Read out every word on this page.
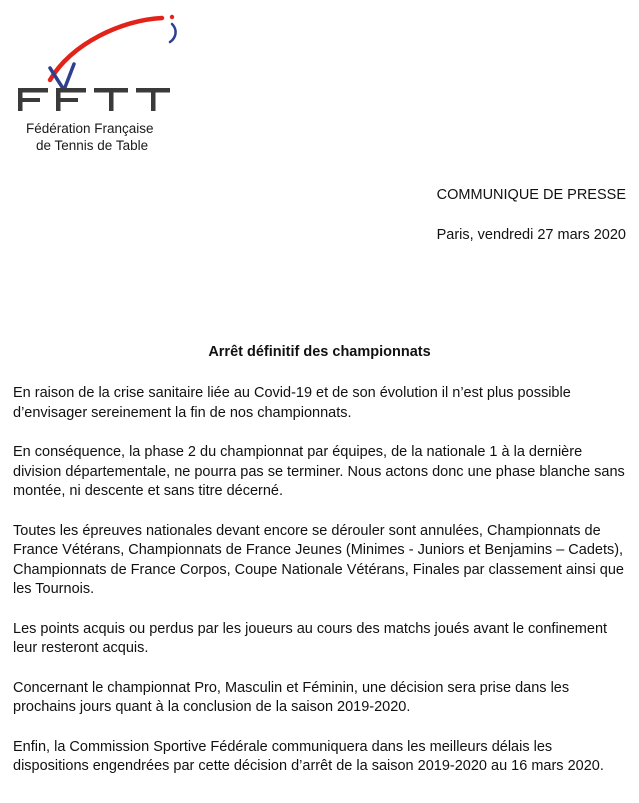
Fédération Française
de Tennis de Table
COMMUNIQUE DE PRESSE
Paris, vendredi 27 mars 2020
Arrêt définitif des championnats

En raison de la crise sanitaire liée au Covid-19 et de son évolution il n’est plus possible d’envisager sereinement la fin de nos championnats.

En conséquence, la phase 2 du championnat par équipes, de la nationale 1 à la dernière division départementale, ne pourra pas se terminer. Nous actons donc une phase blanche sans montée, ni descente et sans titre décerné.

Toutes les épreuves nationales devant encore se dérouler sont annulées, Championnats de France Vétérans, Championnats de France Jeunes (Minimes - Juniors et Benjamins – Cadets), Championnats de France Corpos, Coupe Nationale Vétérans, Finales par classement ainsi que les Tournois.

Les points acquis ou perdus par les joueurs au cours des matchs joués avant le confinement leur resteront acquis.

Concernant le championnat Pro, Masculin et Féminin, une décision sera prise dans les prochains jours quant à la conclusion de la saison 2019-2020.

Enfin, la Commission Sportive Fédérale communiquera dans les meilleurs délais les dispositions engendrées par cette décision d’arrêt de la saison 2019-2020 au 16 mars 2020.
